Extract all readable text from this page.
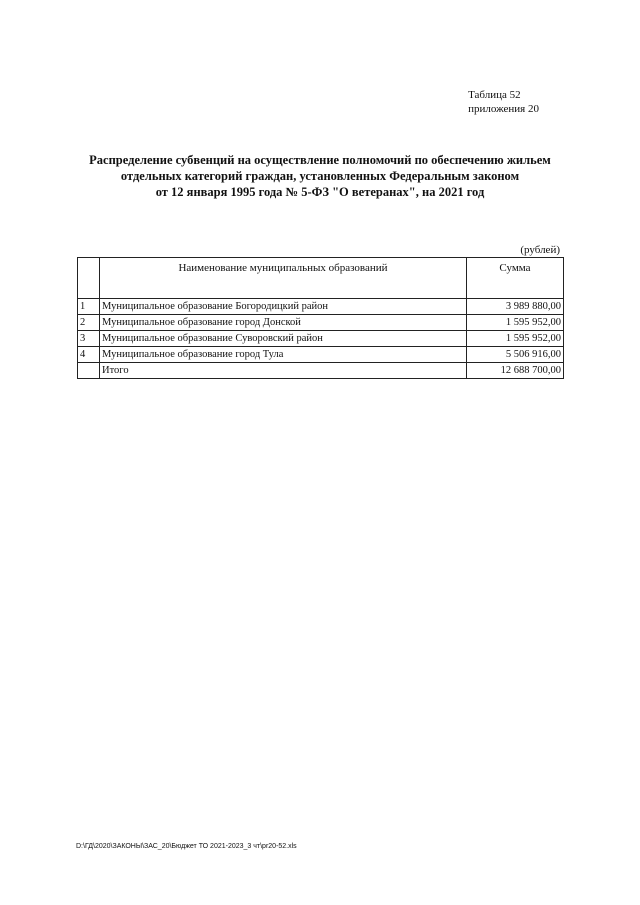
Таблица 52
приложения 20
Распределение субвенций на осуществление полномочий по обеспечению жильем
отдельных категорий граждан, установленных Федеральным законом
от 12 января 1995 года № 5-ФЗ "О ветеранах", на 2021 год
(рублей)
	Наименование муниципальных образований	Сумма
1	Муниципальное образование Богородицкий район	3 989 880,00
2	Муниципальное образование город Донской	1 595 952,00
3	Муниципальное образование Суворовский район	1 595 952,00
4	Муниципальное образование город Тула	5 506 916,00
	Итого	12 688 700,00
D:\ГД\2020\ЗАКОНЫ\ЗАС_20\Бюджет ТО 2021-2023_3 чт\pr20-52.xls
